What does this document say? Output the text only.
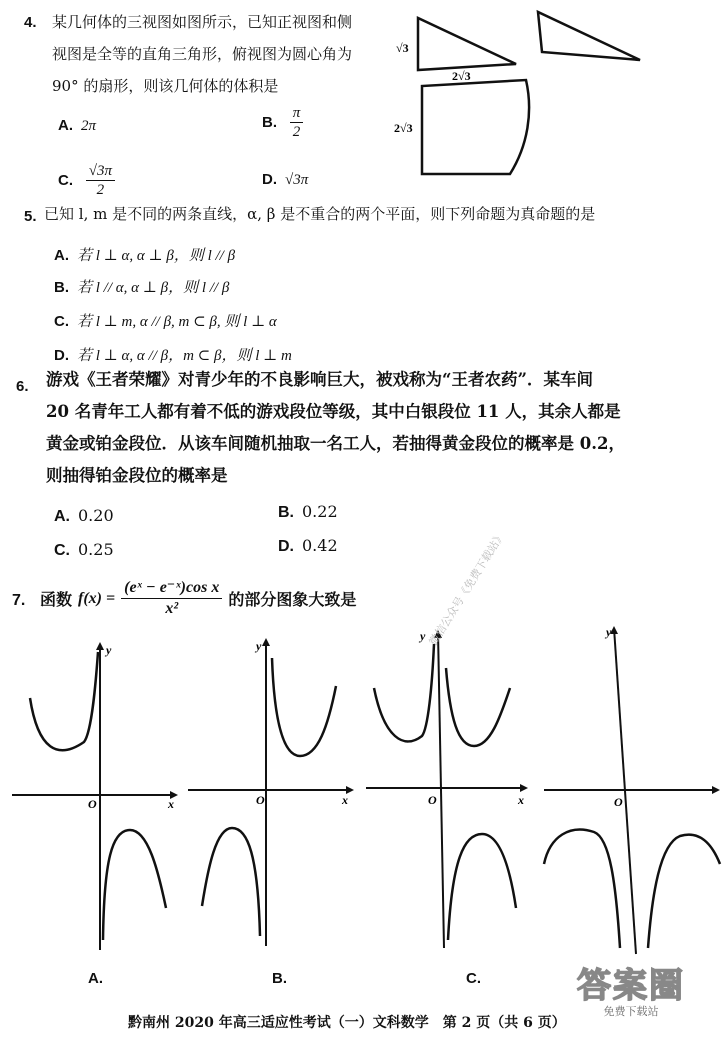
4. 某几何体的三视图如图所示，已知正视图和侧
视图是全等的直角三角形，俯视图为圆心角为
90° 的扇形，则该几何体的体积是
√3
2√3
2√3
A. 2π	B. $\frac{\pi}{2}$
C. $\frac{√3\pi}{2}$	D. √3π
5. 已知 l, m 是不同的两条直线，α, β 是不重合的两个平面，则下列命题为真命题的是
A. 若 l ⊥ α, α ⊥ β，则 l // β
B. 若 l // α, α ⊥ β，则 l // β
C. 若 l ⊥ m, α // β, m ⊂ β, 则 l ⊥ α
D. 若 l ⊥ α, α // β，m ⊂ β，则 l ⊥ m
6. 游戏《王者荣耀》对青少年的不良影响巨大，被戏称为“王者农药”．某车间
20 名青年工人都有着不低的游戏段位等级，其中白银段位 11 人，其余人都是
黄金或铂金段位．从该车间随机抽取一名工人，若抽得黄金段位的概率是 0.2，
则抽得铂金段位的概率是
A. 0.20	B. 0.22
C. 0.25	D. 0.42
7. 函数 $f(x) = \frac{\text{(eˣ − e⁻ˣ)cos x}}{\text{x²}}$ 的部分图象大致是
y
x
O
y
x
O
y
x
O
y
O
A.	B.	C.
微信公众号《免费下载站》
黔南州 2020 年高三适应性考试（一）文科数学　第 2 页（共 6 页）
答案圈
免费下载站
